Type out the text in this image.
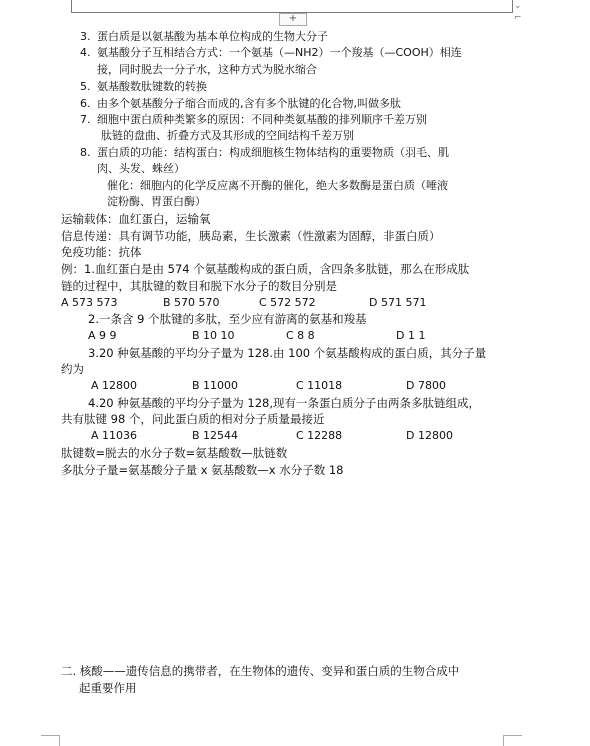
+
⌄
⌐
3. 蛋白质是以氨基酸为基本单位构成的生物大分子
4. 氨基酸分子互相结合方式：一个氨基（—NH2）一个羧基（—COOH）相连
接，同时脱去一分子水，这种方式为脱水缩合
5. 氨基酸数肽键数的转换
6. 由多个氨基酸分子缩合而成的,含有多个肽键的化合物,叫做多肽
7. 细胞中蛋白质种类繁多的原因：不同种类氨基酸的排列顺序千差万别
肽链的盘曲、折叠方式及其形成的空间结构千差万别
8. 蛋白质的功能：结构蛋白：构成细胞核生物体结构的重要物质（羽毛、肌
肉、头发、蛛丝）
催化：细胞内的化学反应离不开酶的催化，绝大多数酶是蛋白质（唾液
淀粉酶、胃蛋白酶）
运输载体：血红蛋白，运输氧
信息传递：具有调节功能，胰岛素，生长激素（性激素为固醇，非蛋白质）
免疫功能：抗体
例：1.血红蛋白是由 574 个氨基酸构成的蛋白质，含四条多肽链，那么在形成肽
链的过程中，其肽键的数目和脱下水分子的数目分别是
A 573 573	B 570 570	C 572 572	D 571 571
2.一条含 9 个肽键的多肽，至少应有游离的氨基和羧基
A 9 9	B 10 10	C 8 8	D 1 1
3.20 种氨基酸的平均分子量为 128.由 100 个氨基酸构成的蛋白质，其分子量
约为
A 12800	B 11000	C 11018	D 7800
4.20 种氨基酸的平均分子量为 128,现有一条蛋白质分子由两条多肽链组成，
共有肽键 98 个，问此蛋白质的相对分子质量最接近
A 11036	B 12544	C 12288	D 12800
肽键数=脱去的水分子数=氨基酸数—肽链数
多肽分子量=氨基酸分子量 x 氨基酸数—x 水分子数 18
二. 核酸——遗传信息的携带者，在生物体的遗传、变异和蛋白质的生物合成中
起重要作用
